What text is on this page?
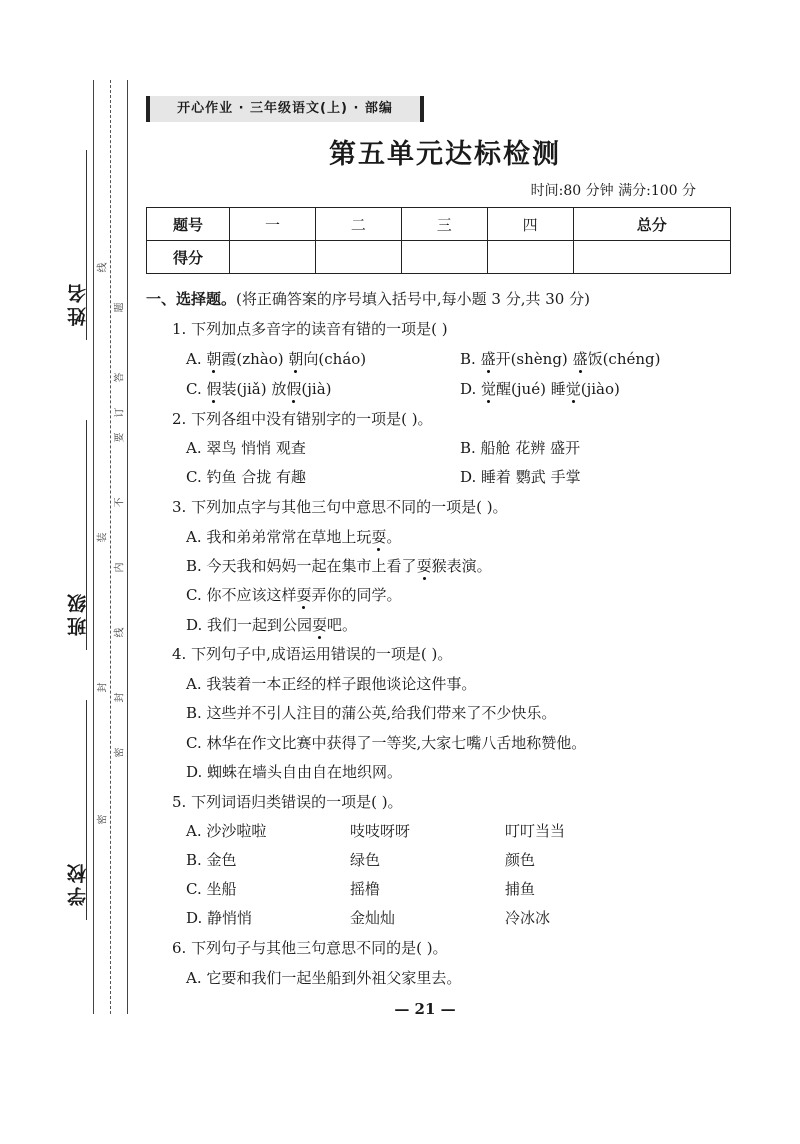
姓名
班级
学校
线
装
封
密
题
答
订
要
不
内
线
封
密
开心作业 · 三年级语文(上) · 部编
第五单元达标检测
时间:80 分钟 满分:100 分
题号	一	二	三	四	总分
得分					
一、选择题。(将正确答案的序号填入括号中,每小题 3 分,共 30 分)
1. 下列加点多音字的读音有错的一项是( )
A. 朝霞(zhào) 朝向(cháo)	B. 盛开(shèng) 盛饭(chéng)
C. 假装(jiǎ) 放假(jià)	D. 觉醒(jué) 睡觉(jiào)
2. 下列各组中没有错别字的一项是( )。
A. 翠鸟 悄悄 观查	B. 船舱 花辨 盛开
C. 钓鱼 合拢 有趣	D. 睡着 鹦武 手掌
3. 下列加点字与其他三句中意思不同的一项是( )。
A. 我和弟弟常常在草地上玩耍。
B. 今天我和妈妈一起在集市上看了耍猴表演。
C. 你不应该这样耍弄你的同学。
D. 我们一起到公园耍吧。
4. 下列句子中,成语运用错误的一项是( )。
A. 我装着一本正经的样子跟他谈论这件事。
B. 这些并不引人注目的蒲公英,给我们带来了不少快乐。
C. 林华在作文比赛中获得了一等奖,大家七嘴八舌地称赞他。
D. 蜘蛛在墙头自由自在地织网。
5. 下列词语归类错误的一项是( )。
A. 沙沙啦啦	吱吱呀呀	叮叮当当
B. 金色	绿色	颜色
C. 坐船	摇橹	捕鱼
D. 静悄悄	金灿灿	冷冰冰
6. 下列句子与其他三句意思不同的是( )。
A. 它要和我们一起坐船到外祖父家里去。
— 21 —
